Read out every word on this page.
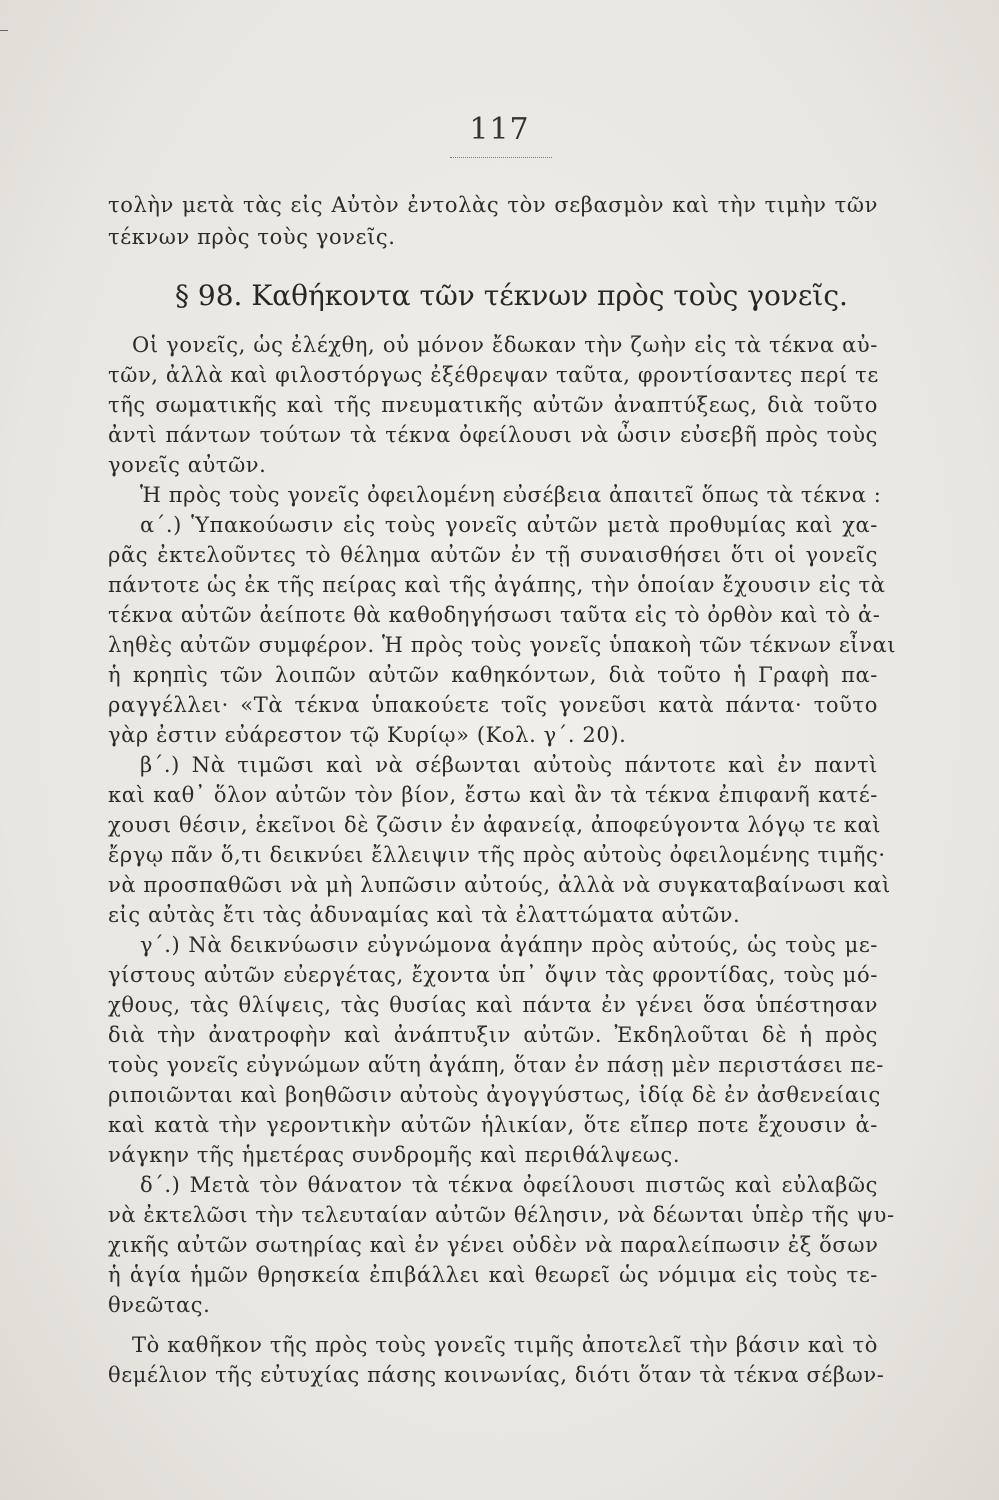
117
τολὴν μετὰ τὰς εἰς Αὐτὸν ἐντολὰς τὸν σεβασμὸν καὶ τὴν τιμὴν τῶν
τέκνων πρὸς τοὺς γονεῖς.
§ 98. Καθήκοντα τῶν τέκνων πρὸς τοὺς γονεῖς.
Οἱ γονεῖς, ὡς ἐλέχθη, οὐ μόνον ἔδωκαν τὴν ζωὴν εἰς τὰ τέκνα αὐ-
τῶν, ἀλλὰ καὶ φιλοστόργως ἐξέθρεψαν ταῦτα, φροντίσαντες περί τε
τῆς σωματικῆς καὶ τῆς πνευματικῆς αὐτῶν ἀναπτύξεως, διὰ τοῦτο
ἀντὶ πάντων τούτων τὰ τέκνα ὀφείλουσι νὰ ὦσιν εὐσεβῆ πρὸς τοὺς
γονεῖς αὐτῶν.
Ἡ πρὸς τοὺς γονεῖς ὀφειλομένη εὐσέβεια ἀπαιτεῖ ὅπως τὰ τέκνα :
α΄.) Ὑπακούωσιν εἰς τοὺς γονεῖς αὐτῶν μετὰ προθυμίας καὶ χα-
ρᾶς ἐκτελοῦντες τὸ θέλημα αὐτῶν ἐν τῇ συναισθήσει ὅτι οἱ γονεῖς
πάντοτε ὡς ἐκ τῆς πείρας καὶ τῆς ἀγάπης, τὴν ὁποίαν ἔχουσιν εἰς τὰ
τέκνα αὐτῶν ἀείποτε θὰ καθοδηγήσωσι ταῦτα εἰς τὸ ὀρθὸν καὶ τὸ ἀ-
ληθὲς αὐτῶν συμφέρον. Ἡ πρὸς τοὺς γονεῖς ὑπακοὴ τῶν τέκνων εἶναι
ἡ κρηπὶς τῶν λοιπῶν αὐτῶν καθηκόντων, διὰ τοῦτο ἡ Γραφὴ πα-
ραγγέλλει· «Τὰ τέκνα ὑπακούετε τοῖς γονεῦσι κατὰ πάντα· τοῦτο
γὰρ ἐστιν εὐάρεστον τῷ Κυρίῳ» (Κολ. γ΄. 20).
β΄.) Νὰ τιμῶσι καὶ νὰ σέβωνται αὐτοὺς πάντοτε καὶ ἐν παντὶ
καὶ καθ᾽ ὅλον αὐτῶν τὸν βίον, ἔστω καὶ ἂν τὰ τέκνα ἐπιφανῆ κατέ-
χουσι θέσιν, ἐκεῖνοι δὲ ζῶσιν ἐν ἀφανείᾳ, ἀποφεύγοντα λόγῳ τε καὶ
ἔργῳ πᾶν ὅ,τι δεικνύει ἔλλειψιν τῆς πρὸς αὐτοὺς ὀφειλομένης τιμῆς·
νὰ προσπαθῶσι νὰ μὴ λυπῶσιν αὐτούς, ἀλλὰ νὰ συγκαταβαίνωσι καὶ
εἰς αὐτὰς ἔτι τὰς ἀδυναμίας καὶ τὰ ἐλαττώματα αὐτῶν.
γ΄.) Νὰ δεικνύωσιν εὐγνώμονα ἀγάπην πρὸς αὐτούς, ὡς τοὺς με-
γίστους αὐτῶν εὐεργέτας, ἔχοντα ὑπ᾽ ὄψιν τὰς φροντίδας, τοὺς μό-
χθους, τὰς θλίψεις, τὰς θυσίας καὶ πάντα ἐν γένει ὅσα ὑπέστησαν
διὰ τὴν ἀνατροφὴν καὶ ἀνάπτυξιν αὐτῶν. Ἐκδηλοῦται δὲ ἡ πρὸς
τοὺς γονεῖς εὐγνώμων αὕτη ἀγάπη, ὅταν ἐν πάσῃ μὲν περιστάσει πε-
ριποιῶνται καὶ βοηθῶσιν αὐτοὺς ἀγογγύστως, ἰδίᾳ δὲ ἐν ἀσθενείαις
καὶ κατὰ τὴν γεροντικὴν αὐτῶν ἡλικίαν, ὅτε εἴπερ ποτε ἔχουσιν ἀ-
νάγκην τῆς ἡμετέρας συνδρομῆς καὶ περιθάλψεως.
δ΄.) Μετὰ τὸν θάνατον τὰ τέκνα ὀφείλουσι πιστῶς καὶ εὐλαβῶς
νὰ ἐκτελῶσι τὴν τελευταίαν αὐτῶν θέλησιν, νὰ δέωνται ὑπὲρ τῆς ψυ-
χικῆς αὐτῶν σωτηρίας καὶ ἐν γένει οὐδὲν νὰ παραλείπωσιν ἐξ ὅσων
ἡ ἁγία ἡμῶν θρησκεία ἐπιβάλλει καὶ θεωρεῖ ὡς νόμιμα εἰς τοὺς τε-
θνεῶτας.
Τὸ καθῆκον τῆς πρὸς τοὺς γονεῖς τιμῆς ἀποτελεῖ τὴν βάσιν καὶ τὸ
θεμέλιον τῆς εὐτυχίας πάσης κοινωνίας, διότι ὅταν τὰ τέκνα σέβων-
